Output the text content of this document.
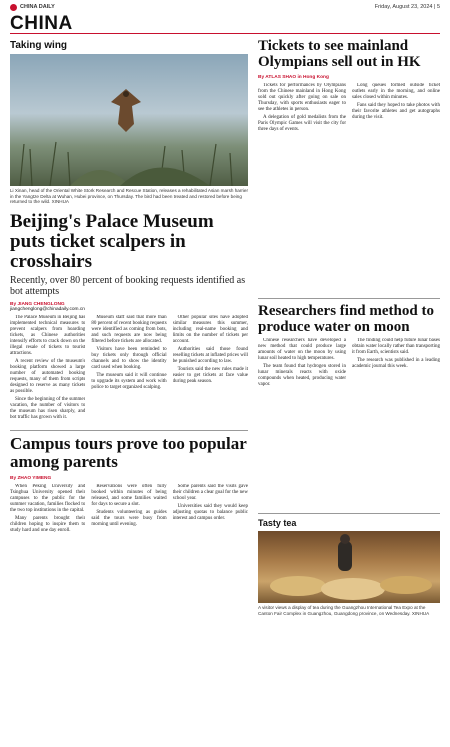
CHINA DAILY	Friday, August 23, 2024 | 5
CHINA
Taking wing
Li Xinan, head of the Oriental White Stork Research and Rescue Station, releases a rehabilitated Asian marsh harrier in the Yangtze Delta at Wuhan, Hubei province, on Thursday. The bird had been treated and restored before being returned to the wild. XINHUA
Beijing's Palace Museum puts ticket scalpers in crosshairs
Recently, over 80 percent of booking requests identified as bot attempts
By JIANG CHENGLONG
jiangchenglong@chinadaily.com.cn

The Palace Museum in Beijing has implemented technical measures to prevent scalpers from hoarding tickets, as Chinese authorities intensify efforts to crack down on the illegal resale of tickets to tourist attractions.

A recent review of the museum's booking platform showed a large number of automated booking requests, many of them from scripts designed to reserve as many tickets as possible.

Since the beginning of the summer vacation, the number of visitors to the museum has risen sharply, and bot traffic has grown with it.

Museum staff said that more than 80 percent of recent booking requests were identified as coming from bots, and such requests are now being filtered before tickets are allocated.

Visitors have been reminded to buy tickets only through official channels and to show the identity card used when booking.

The museum said it will continue to upgrade its system and work with police to target organized scalping.

Other popular sites have adopted similar measures this summer, including real-name booking and limits on the number of tickets per account.

Authorities said those found reselling tickets at inflated prices will be punished according to law.

Tourists said the new rules made it easier to get tickets at face value during peak season.

Campus tours prove too popular among parents
By ZHAO YIMENG

When Peking University and Tsinghua University opened their campuses to the public for the summer vacation, families flocked to the two top institutions in the capital.

Many parents brought their children hoping to inspire them to study hard and one day enroll.

Reservations were often fully booked within minutes of being released, and some families waited for days to secure a slot.

Students volunteering as guides said the tours were busy from morning until evening.

Some parents said the visits gave their children a clear goal for the new school year.

Universities said they would keep adjusting quotas to balance public interest and campus order.

Tickets to see mainland Olympians sell out in HK
By ATLAS SHAO in Hong Kong

Tickets for performances by Olympians from the Chinese mainland in Hong Kong sold out quickly after going on sale on Thursday, with sports enthusiasts eager to see the athletes in person.

A delegation of gold medalists from the Paris Olympic Games will visit the city for three days of events.

Long queues formed outside ticket outlets early in the morning, and online sales closed within minutes.

Fans said they hoped to take photos with their favorite athletes and get autographs during the visit.

Researchers find method to produce water on moon

Chinese researchers have developed a new method that could produce large amounts of water on the moon by using lunar soil heated to high temperatures.

The team found that hydrogen stored in lunar minerals reacts with oxide compounds when heated, producing water vapor.

The finding could help future lunar bases obtain water locally rather than transporting it from Earth, scientists said.

The research was published in a leading academic journal this week.

Tasty tea
A visitor views a display of tea during the Guangzhou International Tea Expo at the Canton Fair Complex in Guangzhou, Guangdong province, on Wednesday. XINHUA
